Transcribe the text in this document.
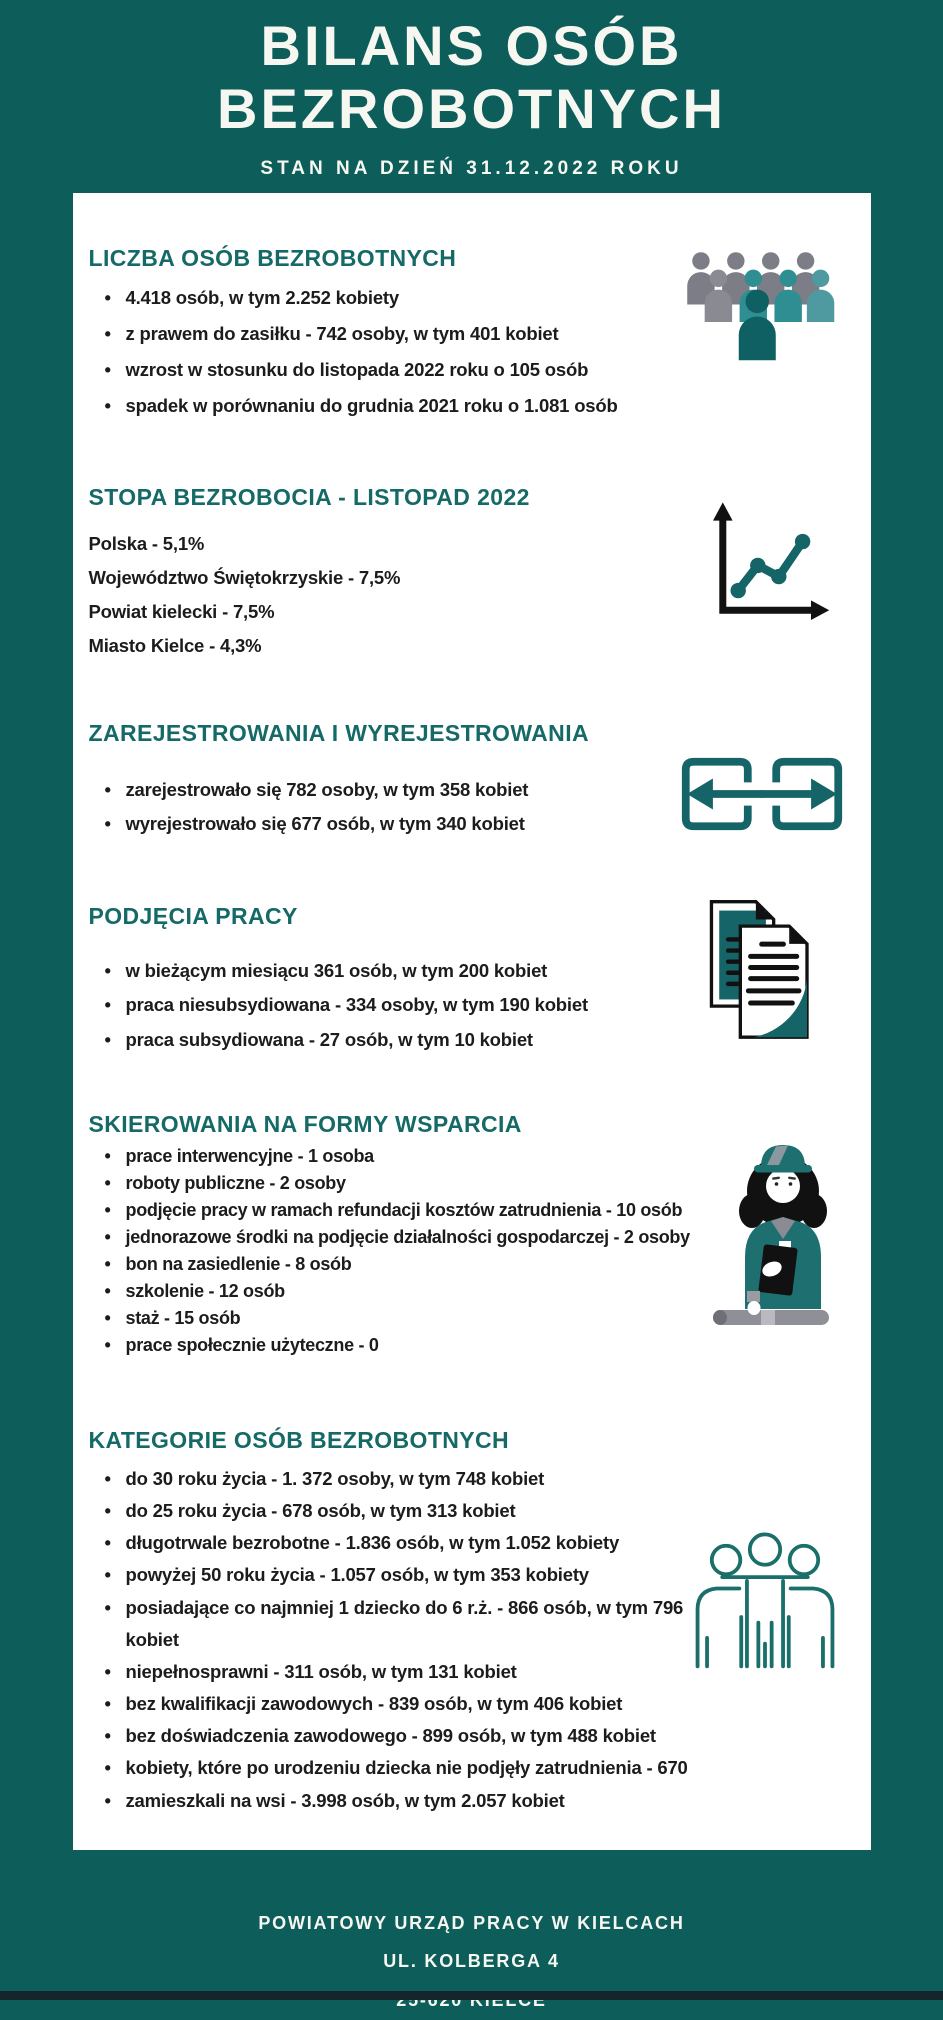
BILANS OSÓB
BEZROBOTNYCH
STAN NA DZIEŃ 31.12.2022 ROKU
LICZBA OSÓB BEZROBOTNYCH
• 4.418 osób, w tym 2.252 kobiety
• z prawem do zasiłku - 742 osoby, w tym 401 kobiet
• wzrost w stosunku do listopada 2022 roku o 105 osób
• spadek w porównaniu do grudnia 2021 roku o 1.081 osób
STOPA BEZROBOCIA - LISTOPAD 2022
Polska - 5,1%
Województwo Świętokrzyskie - 7,5%
Powiat kielecki - 7,5%
Miasto Kielce - 4,3%
ZAREJESTROWANIA I WYREJESTROWANIA
• zarejestrowało się 782 osoby, w tym 358 kobiet
• wyrejestrowało się 677 osób, w tym 340 kobiet
PODJĘCIA PRACY
• w bieżącym miesiącu 361 osób, w tym 200 kobiet
• praca niesubsydiowana - 334 osoby, w tym 190 kobiet
• praca subsydiowana - 27 osób, w tym 10 kobiet
SKIEROWANIA NA FORMY WSPARCIA
• prace interwencyjne - 1 osoba
• roboty publiczne - 2 osoby
• podjęcie pracy w ramach refundacji kosztów zatrudnienia - 10 osób
• jednorazowe środki na podjęcie działalności gospodarczej - 2 osoby
• bon na zasiedlenie - 8 osób
• szkolenie - 12 osób
• staż - 15 osób
• prace społecznie użyteczne - 0
KATEGORIE OSÓB BEZROBOTNYCH
• do 30 roku życia - 1. 372 osoby, w tym 748 kobiet
• do 25 roku życia - 678 osób, w tym 313 kobiet
• długotrwale bezrobotne - 1.836 osób, w tym 1.052 kobiety
• powyżej 50 roku życia - 1.057 osób, w tym 353 kobiety
• posiadające co najmniej 1 dziecko do 6 r.ż. - 866 osób, w tym 796 kobiet
• niepełnosprawni - 311 osób, w tym 131 kobiet
• bez kwalifikacji zawodowych - 839 osób, w tym 406 kobiet
• bez doświadczenia zawodowego - 899 osób, w tym 488 kobiet
• kobiety, które po urodzeniu dziecka nie podjęły zatrudnienia - 670
• zamieszkali na wsi - 3.998 osób, w tym 2.057 kobiet
POWIATOWY URZĄD PRACY W KIELCACH
UL. KOLBERGA 4
